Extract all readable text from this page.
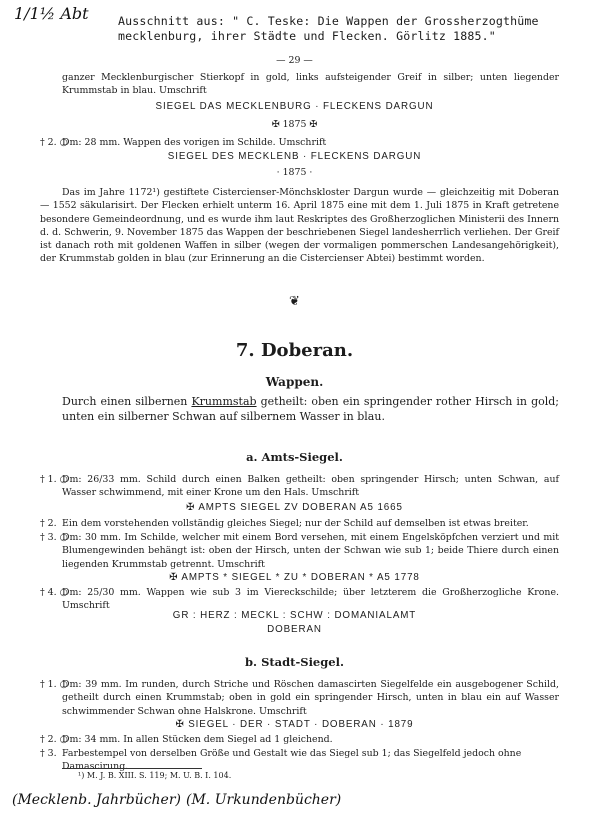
1/1½ Abt	Ausschnitt aus: " C. Teske: Die Wappen der Grossherzogthüme
mecklenburg, ihrer Städte und Flecken. Görlitz 1885."
— 29 —
ganzer Mecklenburgischer Stierkopf in gold, links aufsteigender Greif in silber; unten liegender Krummstab in blau. Umschrift
SIEGEL DAS MECKLENBURG · FLECKENS DARGUN
✠ 1875 ✠
† 2. ○
Dm: 28 mm. Wappen des vorigen im Schilde. Umschrift
SIEGEL DES MECKLENB · FLECKENS DARGUN
· 1875 ·
Das im Jahre 1172¹) gestiftete Cistercienser-Mönchskloster Dargun wurde — gleichzeitig mit Doberan — 1552 säkularisirt. Der Flecken erhielt unterm 16. April 1875 eine mit dem 1. Juli 1875 in Kraft getretene besondere Gemeindeordnung, und es wurde ihm laut Reskriptes des Großherzoglichen Ministerii des Innern d. d. Schwerin, 9. November 1875 das Wappen der beschriebenen Siegel landesherrlich verliehen. Der Greif ist danach roth mit goldenen Waffen in silber (wegen der vormaligen pommerschen Landesangehörigkeit), der Krummstab golden in blau (zur Erinnerung an die Cistercienser Abtei) bestimmt worden.
❦
7. Doberan.
Wappen.
Durch einen silbernen Krummstab getheilt: oben ein springender rother Hirsch in gold; unten ein silberner Schwan auf silbernem Wasser in blau.
a. Amts-Siegel.
† 1. ○
Dm: 26/33 mm. Schild durch einen Balken getheilt: oben springender Hirsch; unten Schwan, auf Wasser schwimmend, mit einer Krone um den Hals. Umschrift
✠ AMPTS SIEGEL ZV DOBERAN A5 1665
† 2. Ein dem vorstehenden vollständig gleiches Siegel; nur der Schild auf demselben ist etwas breiter.
† 3. ○
Dm: 30 mm. Im Schilde, welcher mit einem Bord versehen, mit einem Engelsköpfchen verziert und mit Blumengewinden behängt ist: oben der Hirsch, unten der Schwan wie sub 1; beide Thiere durch einen liegenden Krummstab getrennt. Umschrift
✠ AMPTS * SIEGEL * ZU * DOBERAN * A5 1778
† 4. ○
Dm: 25/30 mm. Wappen wie sub 3 im Viereckschilde; über letzterem die Großherzogliche Krone. Umschrift
GR : HERZ : MECKL : SCHW : DOMANIALAMT
DOBERAN
b. Stadt-Siegel.
† 1. ○
Dm: 39 mm. Im runden, durch Striche und Röschen damascirten Siegelfelde ein ausgebogener Schild, getheilt durch einen Krummstab; oben in gold ein springender Hirsch, unten in blau ein auf Wasser schwimmender Schwan ohne Halskrone. Umschrift
✠ SIEGEL · DER · STADT · DOBERAN · 1879
† 2. ○
Dm: 34 mm. In allen Stücken dem Siegel ad 1 gleichend.
† 3. Farbestempel von derselben Größe und Gestalt wie das Siegel sub 1; das Siegelfeld jedoch ohne Damascirung.
¹) M. J. B. XIII. S. 119; M. U. B. I. 104.
(Mecklenb. Jahrbücher) (M. Urkundenbücher)
